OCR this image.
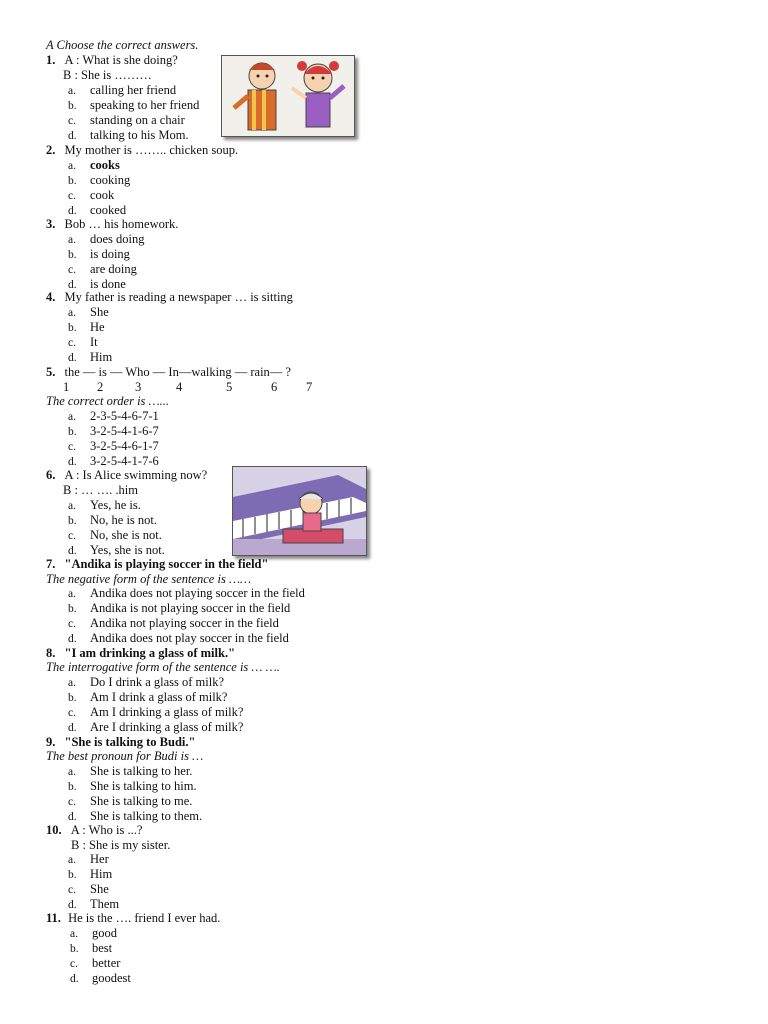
A Choose the correct answers.
1. A : What is she doing?
B : She is ………
a. calling her friend
b. speaking to her friend
c. standing on a chair
d. talking to his Mom.
2. My mother is …….. chicken soup.
a. cooks
b. cooking
c. cook
d. cooked
3. Bob … his homework.
a. does doing
b. is doing
c. are doing
d. is done
4. My father is reading a newspaper … is sitting
a. She
b. He
c. It
d. Him
5. the — is — Who — In—walking — rain— ?
1 2	3	4	5	6 7
The correct order is …...
a. 2-3-5-4-6-7-1
b. 3-2-5-4-1-6-7
c. 3-2-5-4-6-1-7
d. 3-2-5-4-1-7-6
6. A : Is Alice swimming now?
B : … …. .him
a. Yes, he is.
b. No, he is not.
c. No, she is not.
d. Yes, she is not.
7. "Andika is playing soccer in the field"
The negative form of the sentence is ……
a. Andika does not playing soccer in the field
b. Andika is not playing soccer in the field
c. Andika not playing soccer in the field
d. Andika does not play soccer in the field
8. "I am drinking a glass of milk."
The interrogative form of the sentence is … ….
a. Do I drink a glass of milk?
b. Am I drink a glass of milk?
c. Am I drinking a glass of milk?
d. Are I drinking a glass of milk?
9. "She is talking to Budi."
The best pronoun for Budi is …
a. She is talking to her.
b. She is talking to him.
c. She is talking to me.
d. She is talking to them.
10. A : Who is ...?
B : She is my sister.
a. Her
b. Him
c. She
d. Them
11. He is the …. friend I ever had.
a. good
b. best
c. better
d. goodest
